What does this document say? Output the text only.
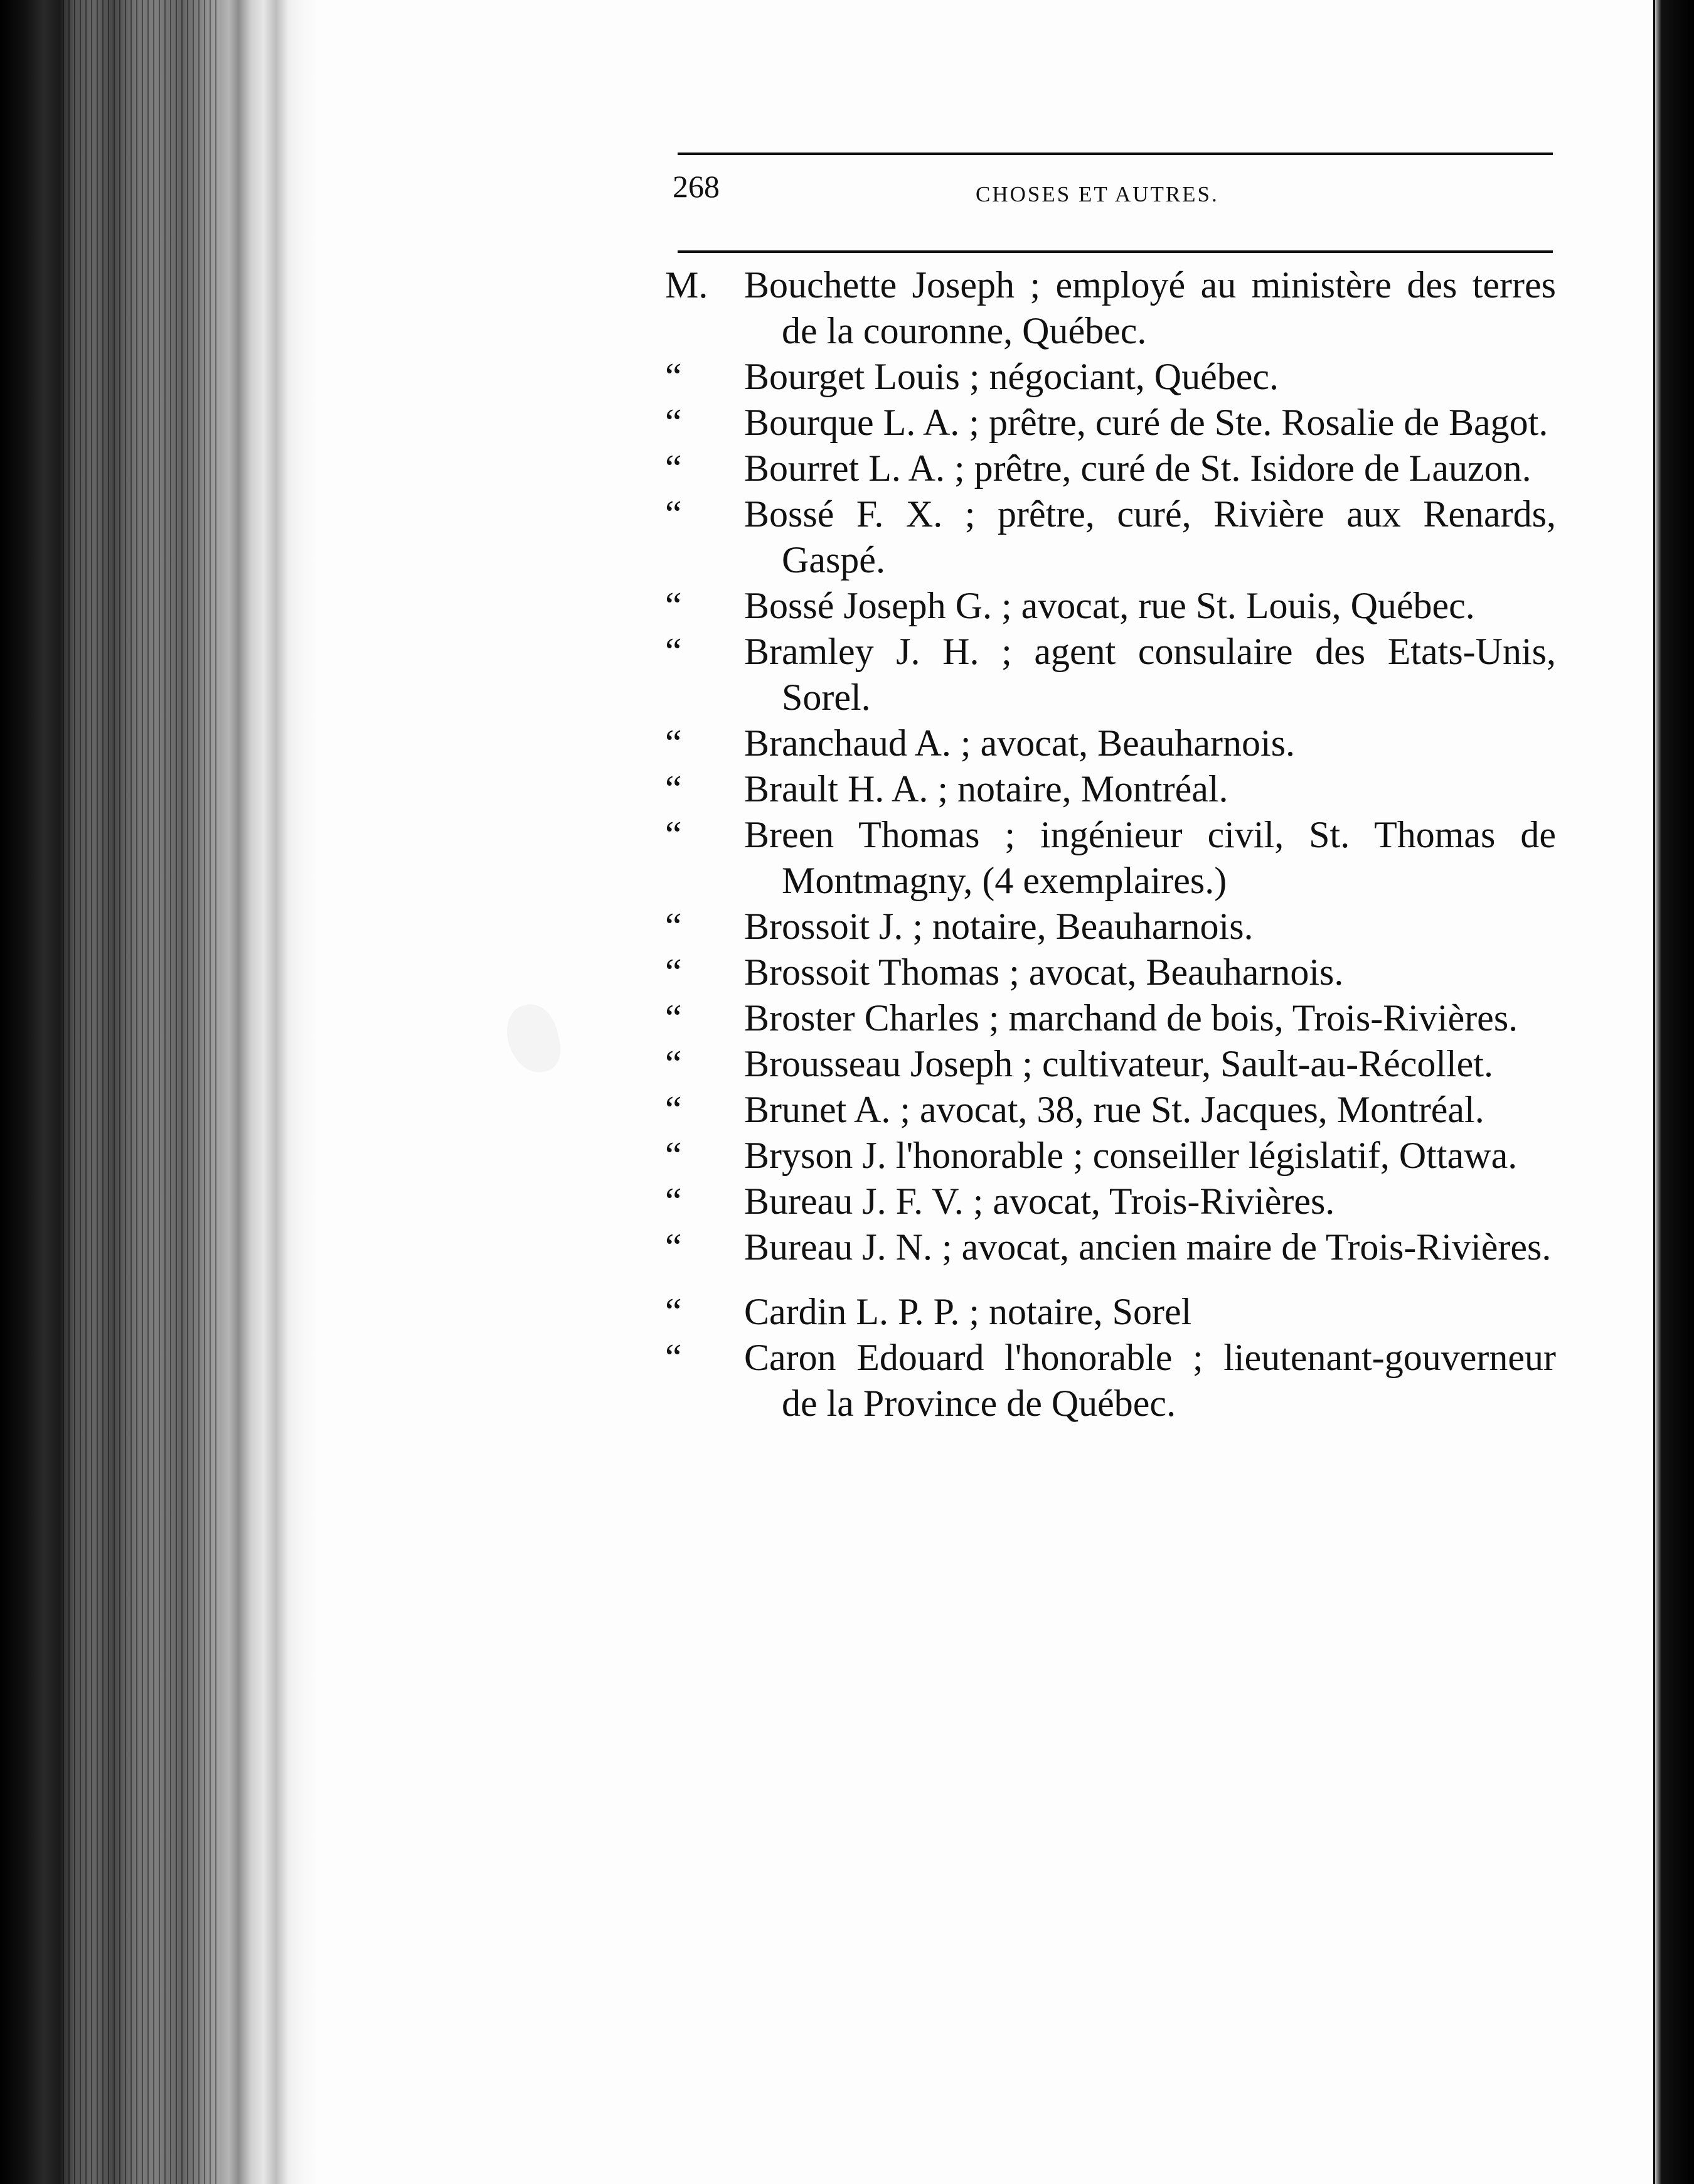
268	CHOSES ET AUTRES.
M. Bouchette Joseph ; employé au ministère des terres de la couronne, Québec.
“	Bourget Louis ; négociant, Québec.
“	Bourque L. A. ; prêtre, curé de Ste. Rosalie de Bagot.
“	Bourret L. A. ; prêtre, curé de St. Isidore de Lauzon.
“	Bossé F. X. ; prêtre, curé, Rivière aux Renards, Gaspé.
“	Bossé Joseph G. ; avocat, rue St. Louis, Québec.
“	Bramley J. H. ; agent consulaire des Etats-Unis, Sorel.
“	Branchaud A. ; avocat, Beauharnois.
“	Brault H. A. ; notaire, Montréal.
“	Breen Thomas ; ingénieur civil, St. Thomas de Montmagny, (4 exemplaires.)
“	Brossoit J. ; notaire, Beauharnois.
“	Brossoit Thomas ; avocat, Beauharnois.
“	Broster Charles ; marchand de bois, Trois-Rivières.
“	Brousseau Joseph ; cultivateur, Sault-au-Récollet.
“	Brunet A. ; avocat, 38, rue St. Jacques, Montréal.
“	Bryson J. l'honorable ; conseiller législatif, Ottawa.
“	Bureau J. F. V. ; avocat, Trois-Rivières.
“	Bureau J. N. ; avocat, ancien maire de Trois-Rivières.
“	Cardin L. P. P. ; notaire, Sorel
“	Caron Edouard l'honorable ; lieutenant-gouverneur de la Province de Québec.
